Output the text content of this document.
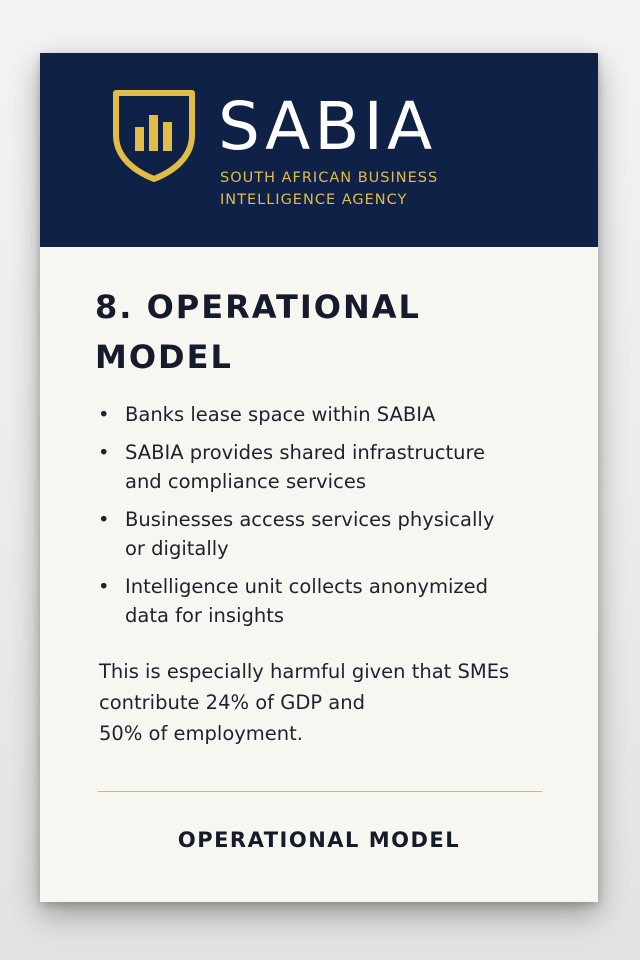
SABIA
SOUTH AFRICAN BUSINESS
INTELLIGENCE AGENCY
8. OPERATIONAL
MODEL
• Banks lease space within SABIA
• SABIA provides shared infrastructure
and compliance services
• Businesses access services physically
or digitally
• Intelligence unit collects anonymized
data for insights

This is especially harmful given that SMEs
contribute 24% of GDP and
50% of employment.

OPERATIONAL MODEL
